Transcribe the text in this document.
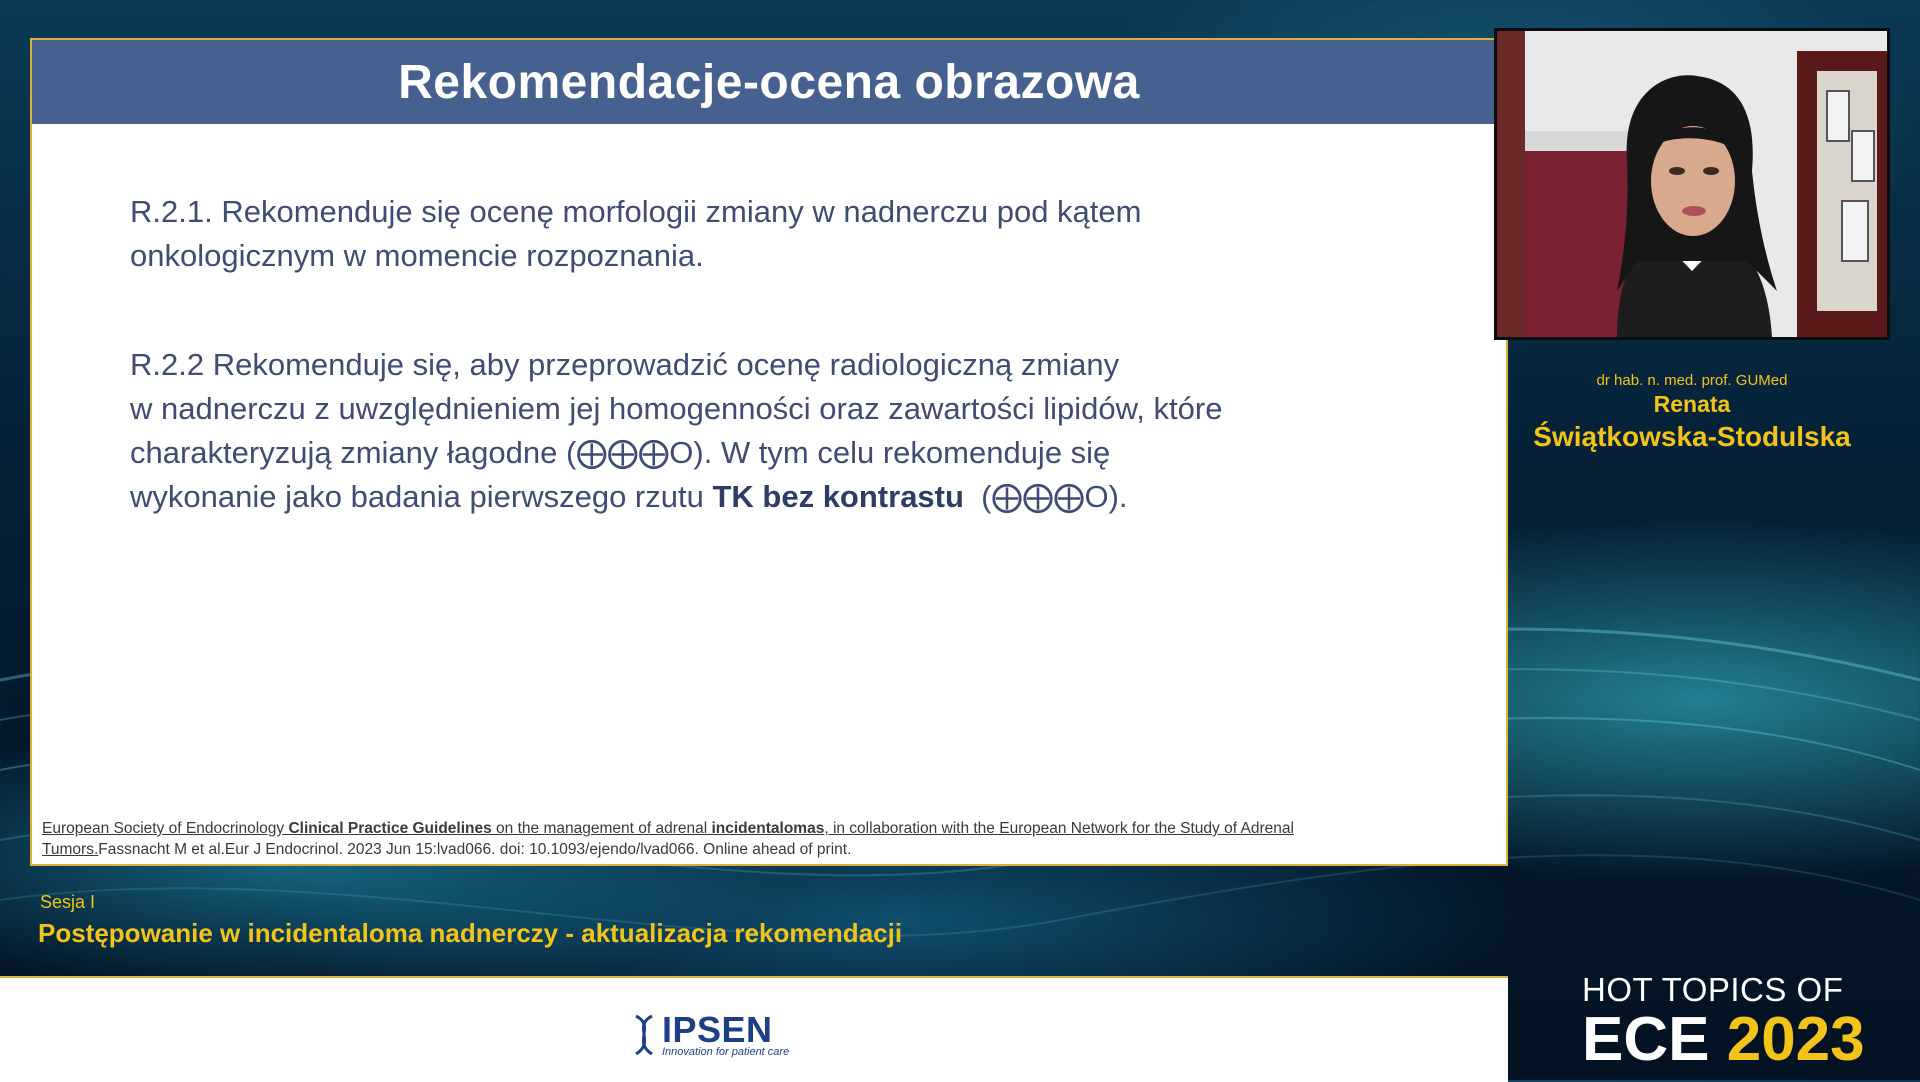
Rekomendacje-ocena obrazowa
R.2.1. Rekomenduje się ocenę morfologii zmiany w nadnerczu pod kątem
onkologicznym w momencie rozpoznania.
R.2.2 Rekomenduje się, aby przeprowadzić ocenę radiologiczną zmiany
w nadnerczu z uwzględnieniem jej homogenności oraz zawartości lipidów, które
charakteryzują zmiany łagodne (⨁⨁⨁O). W tym celu rekomenduje się
wykonanie jako badania pierwszego rzutu TK bez kontrastu  (⨁⨁⨁O).
European Society of Endocrinology Clinical Practice Guidelines on the management of adrenal incidentalomas, in collaboration with the European Network for the Study of Adrenal
Tumors.Fassnacht M et al.Eur J Endocrinol. 2023 Jun 15:lvad066. doi: 10.1093/ejendo/lvad066. Online ahead of print.
dr hab. n. med. prof. GUMed
Renata
Świątkowska-Stodulska
Sesja I
Postępowanie w incidentaloma nadnerczy - aktualizacja rekomendacji
IPSEN
Innovation for patient care
HOT TOPICS OF
ECE 2023
